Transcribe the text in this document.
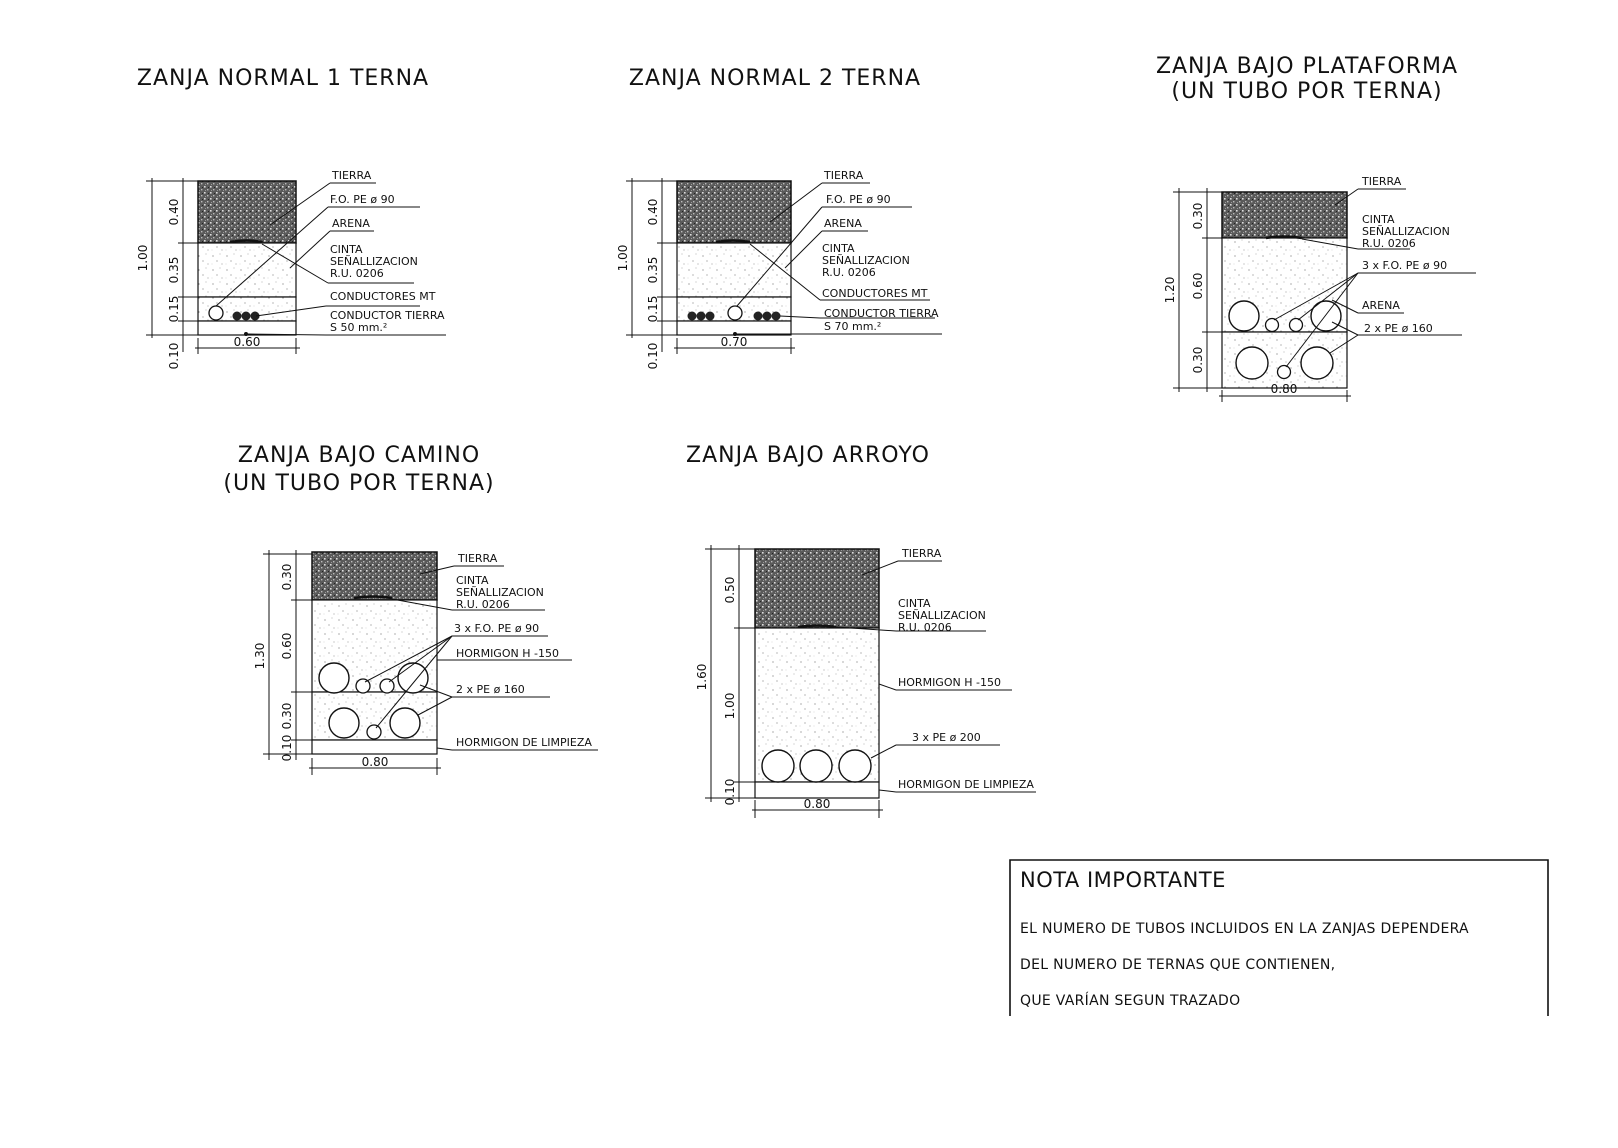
ZANJA NORMAL 1 TERNA
1.00
0.40
0.35
0.15
0.10
0.60
TIERRA
F.O. PE ø 90
ARENA
CINTA
SEÑALLIZACION
R.U. 0206
CONDUCTORES MT
CONDUCTOR TIERRA
S 50 mm.²
ZANJA NORMAL 2 TERNA
1.00
0.40
0.35
0.15
0.10
0.70
TIERRA
F.O. PE ø 90
ARENA
CINTA
SEÑALLIZACION
R.U. 0206
CONDUCTORES MT
CONDUCTOR TIERRA
S 70 mm.²
ZANJA BAJO PLATAFORMA
(UN TUBO POR TERNA)
1.20
0.30
0.60
0.30
0.80
TIERRA
CINTA
SEÑALLIZACION
R.U. 0206
3 x F.O. PE ø 90
ARENA
2 x PE ø 160
ZANJA BAJO CAMINO
(UN TUBO POR TERNA)
1.30
0.30
0.60
0.30
0.10
0.80
TIERRA
CINTA
SEÑALLIZACION
R.U. 0206
3 x F.O. PE ø 90
HORMIGON H -150
2 x PE ø 160
HORMIGON DE LIMPIEZA
ZANJA BAJO ARROYO
1.60
0.50
1.00
0.10	0.80
TIERRA
CINTA
SEÑALLIZACION
R.U. 0206
HORMIGON H -150
3 x PE ø 200
HORMIGON DE LIMPIEZA
NOTA IMPORTANTE
EL NUMERO DE TUBOS INCLUIDOS EN LA ZANJAS DEPENDERA
DEL NUMERO DE TERNAS QUE CONTIENEN,
QUE VARÍAN SEGUN TRAZADO
